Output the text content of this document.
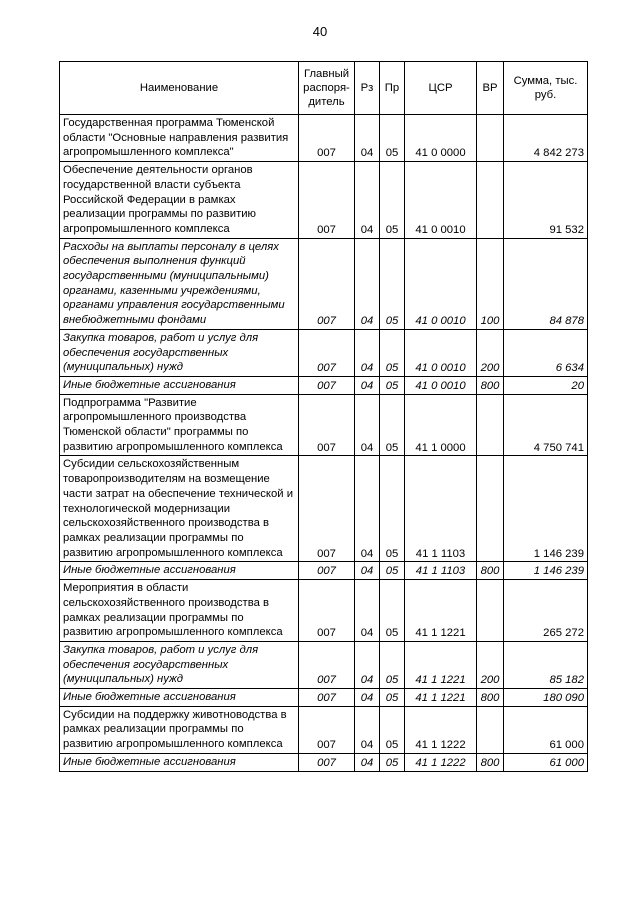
40
Наименование	Главный распоря-дитель	Рз	Пр	ЦСР	ВР	Сумма, тыс. руб.
Государственная программа Тюменской области "Основные направления развития агропромышленного комплекса"	007	04	05	41 0 0000		4 842 273
Обеспечение деятельности органов государственной власти субъекта Российской Федерации в рамках реализации программы по развитию агропромышленного комплекса	007	04	05	41 0 0010		91 532
Расходы на выплаты персоналу в целях обеспечения выполнения функций государственными (муниципальными) органами, казенными учреждениями, органами управления государственными внебюджетными фондами	007	04	05	41 0 0010	100	84 878
Закупка товаров, работ и услуг для обеспечения государственных (муниципальных) нужд	007	04	05	41 0 0010	200	6 634
Иные бюджетные ассигнования	007	04	05	41 0 0010	800	20
Подпрограмма "Развитие агропромышленного производства Тюменской области" программы по развитию агропромышленного комплекса	007	04	05	41 1 0000		4 750 741
Субсидии сельскохозяйственным товаропроизводителям на возмещение части затрат на обеспечение технической и технологической модернизации сельскохозяйственного производства в рамках реализации программы по развитию агропромышленного комплекса	007	04	05	41 1 1103		1 146 239
Иные бюджетные ассигнования	007	04	05	41 1 1103	800	1 146 239
Мероприятия в области сельскохозяйственного производства в рамках реализации программы по развитию агропромышленного комплекса	007	04	05	41 1 1221		265 272
Закупка товаров, работ и услуг для обеспечения государственных (муниципальных) нужд	007	04	05	41 1 1221	200	85 182
Иные бюджетные ассигнования	007	04	05	41 1 1221	800	180 090
Субсидии на поддержку животноводства в рамках реализации программы по развитию агропромышленного комплекса	007	04	05	41 1 1222		61 000
Иные бюджетные ассигнования	007	04	05	41 1 1222	800	61 000
